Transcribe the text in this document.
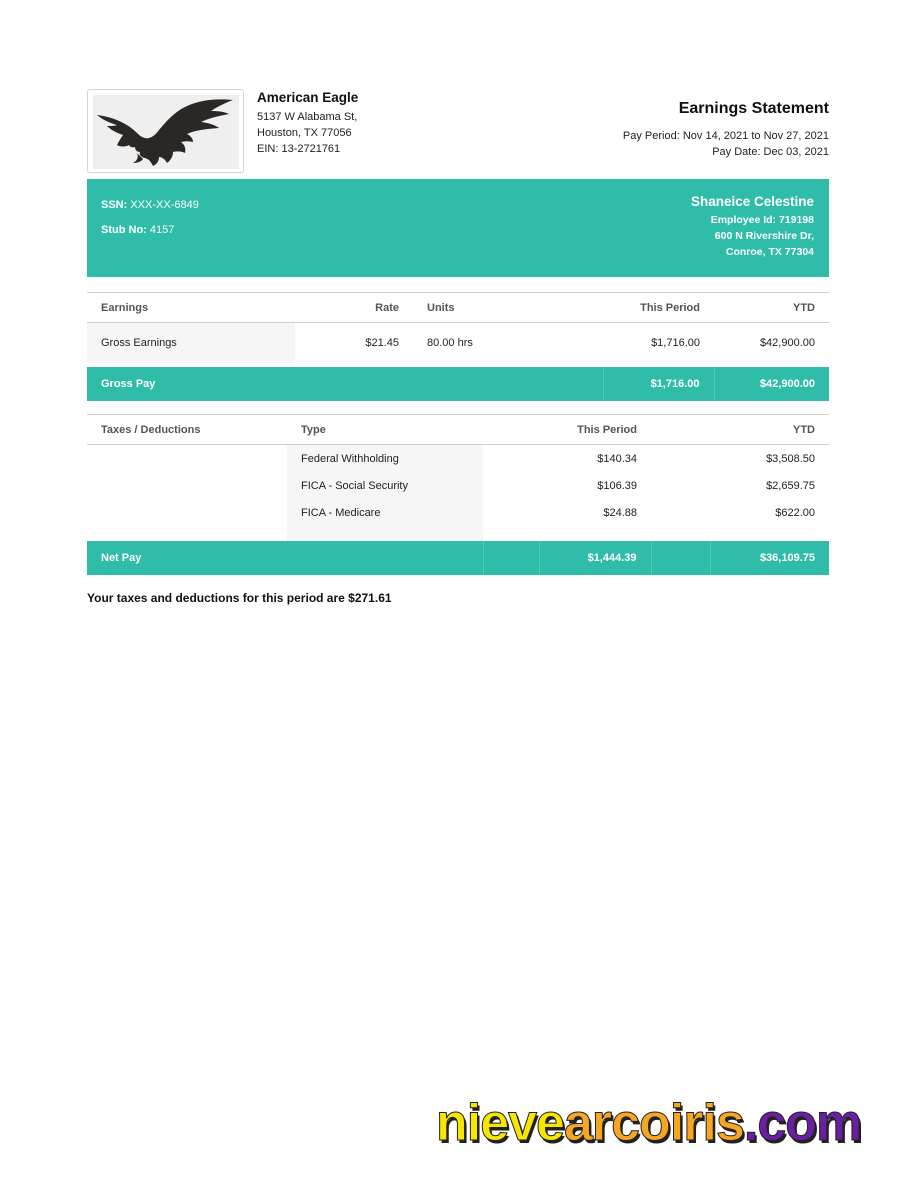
American Eagle
5137 W Alabama St,
Houston, TX 77056
EIN: 13-2721761
Earnings Statement
Pay Period: Nov 14, 2021 to Nov 27, 2021
Pay Date: Dec 03, 2021
SSN: XXX-XX-6849
Stub No: 4157
Shaneice Celestine
Employee Id: 719198
600 N Rivershire Dr,
Conroe, TX 77304
Earnings	Rate	Units	This Period	YTD
Gross Earnings	$21.45	80.00 hrs	$1,716.00	$42,900.00

Gross Pay			$1,716.00	$42,900.00
Taxes / Deductions	Type		This Period		YTD
	Federal Withholding		$140.34		$3,508.50
	FICA - Social Security		$106.39		$2,659.75
	FICA - Medicare		$24.88		$622.00

Net Pay			$1,444.39		$36,109.75
Your taxes and deductions for this period are $271.61
nievearcoiris.com
